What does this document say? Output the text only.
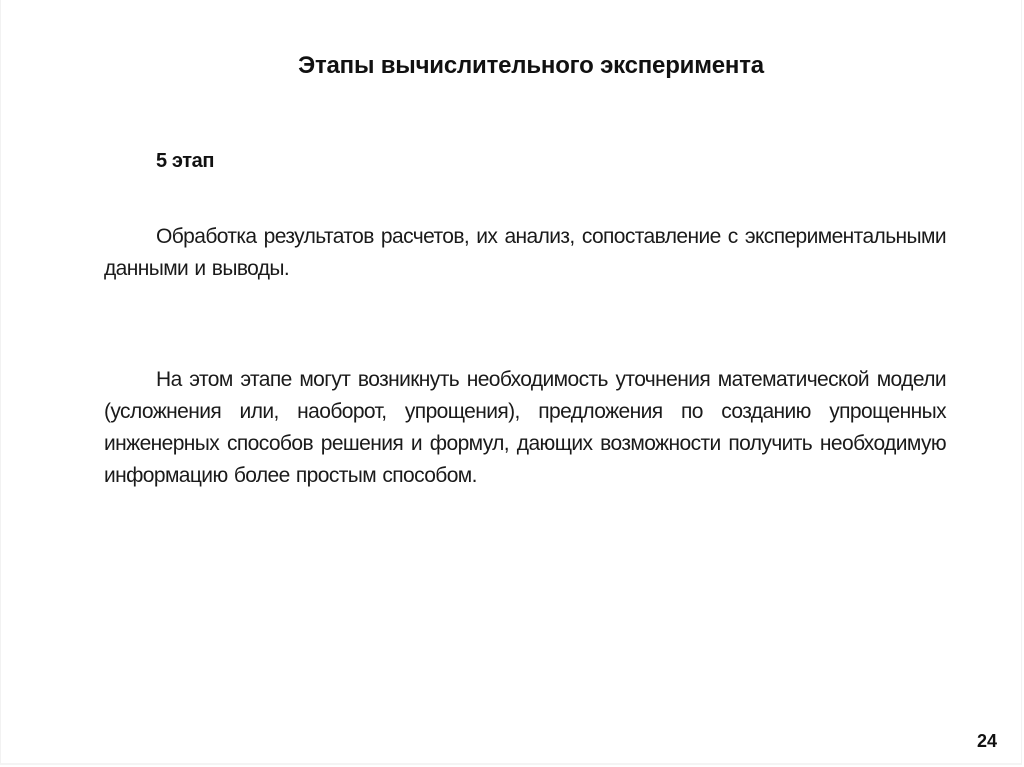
Этапы вычислительного эксперимента
5 этап
Обработка результатов расчетов, их анализ, сопоставление с экспериментальными данными и выводы.
На этом этапе могут возникнуть необходимость уточнения математической модели (усложнения или, наоборот, упрощения), предложения по созданию упрощенных инженерных способов решения и формул, дающих возможности получить необходимую информацию более простым способом.
24
